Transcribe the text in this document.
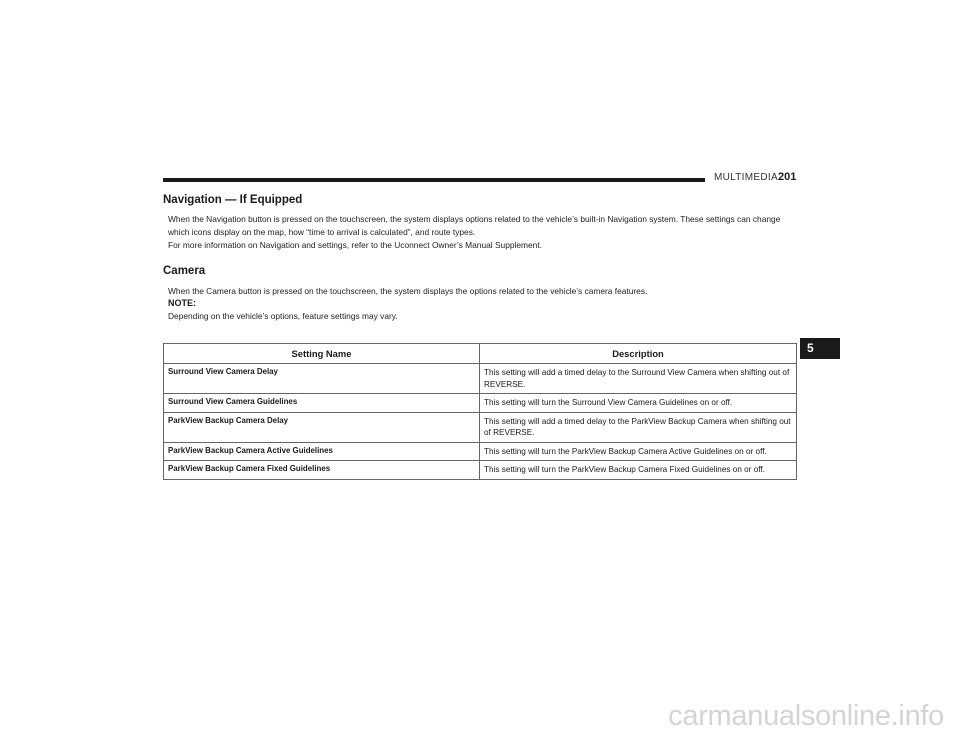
MULTIMEDIA 201
Navigation — If Equipped

When the Navigation button is pressed on the touchscreen, the system displays options related to the vehicle’s built-in Navigation system. These settings can change which icons display on the map, how “time to arrival is calculated”, and route types.

For more information on Navigation and settings, refer to the Uconnect Owner’s Manual Supplement.

Camera
When the Camera button is pressed on the touchscreen, the system displays the options related to the vehicle’s camera features.
NOTE:
Depending on the vehicle’s options, feature settings may vary.
Setting Name	Description
Surround View Camera Delay	This setting will add a timed delay to the Surround View Camera when shifting out of REVERSE.
Surround View Camera Guidelines	This setting will turn the Surround View Camera Guidelines on or off.
ParkView Backup Camera Delay	This setting will add a timed delay to the ParkView Backup Camera when shifting out of REVERSE.
ParkView Backup Camera Active Guidelines	This setting will turn the ParkView Backup Camera Active Guidelines on or off.
ParkView Backup Camera Fixed Guidelines	This setting will turn the ParkView Backup Camera Fixed Guidelines on or off.
5
carmanualsonline.info
